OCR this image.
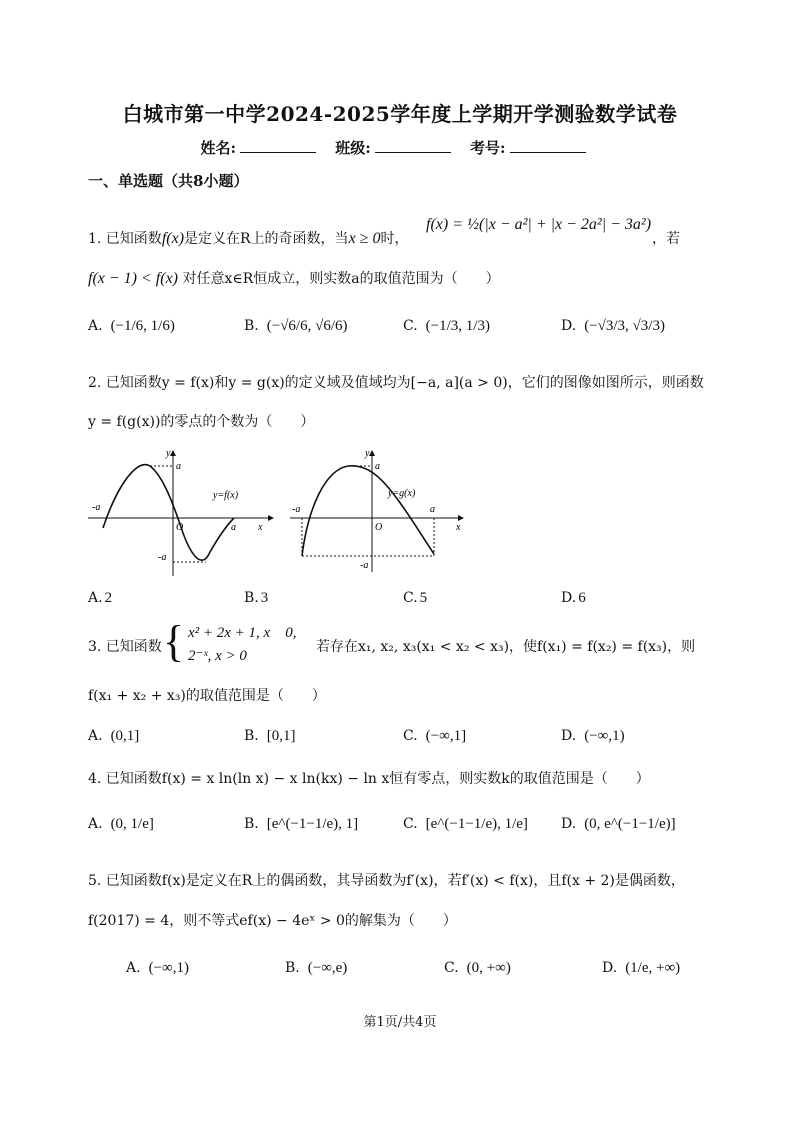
白城市第一中学2024-2025学年度上学期开学测验数学试卷
姓名:	班级:	考号:
一、单选题（共8小题）
1. 已知函数f(x)是定义在R上的奇函数，当x ≥ 0时，
f(x) = ½(|x − a²| + |x − 2a²| − 3a²)
，若
f(x − 1) < f(x) 对任意x∈R恒成立，则实数a的取值范围为（　　）
A. (−1/6, 1/6)	B. (−√6/6, √6/6)	C. (−1/3, 1/3)	D. (−√3/3, √3/3)
2. 已知函数y = f(x)和y = g(x)的定义域及值域均为[−a, a](a > 0)，它们的图像如图所示，则函数
y = f(g(x))的零点的个数为（　　）
y
a
-a
O	a x
-a
y=f(x)
y
a
-a
O
a
x
-a
y=g(x)
A. 2	B. 3	C. 5	D. 6
3. 已知函数 { x² + 2x + 1, x　0,
2⁻ˣ, x > 0
若存在x₁, x₂, x₃(x₁ < x₂ < x₃)，使f(x₁) = f(x₂) = f(x₃)，则
f(x₁ + x₂ + x₃)的取值范围是（　　）
A. (0,1]	B. [0,1]	C. (−∞,1]	D. (−∞,1)
4. 已知函数f(x) = x ln(ln x) − x ln(kx) − ln x恒有零点，则实数k的取值范围是（　　）
A. (0, 1/e]	B. [e^(−1−1/e), 1]	C. [e^(−1−1/e), 1/e] D. (0, e^(−1−1/e)]
5. 已知函数f(x)是定义在R上的偶函数，其导函数为f′(x)，若f′(x) < f(x)，且f(x + 2)是偶函数，
f(2017) = 4，则不等式ef(x) − 4eˣ > 0的解集为（　　）
A. (−∞,1)	B. (−∞,e)	C. (0, +∞)	D. (1/e, +∞)
第1页/共4页
